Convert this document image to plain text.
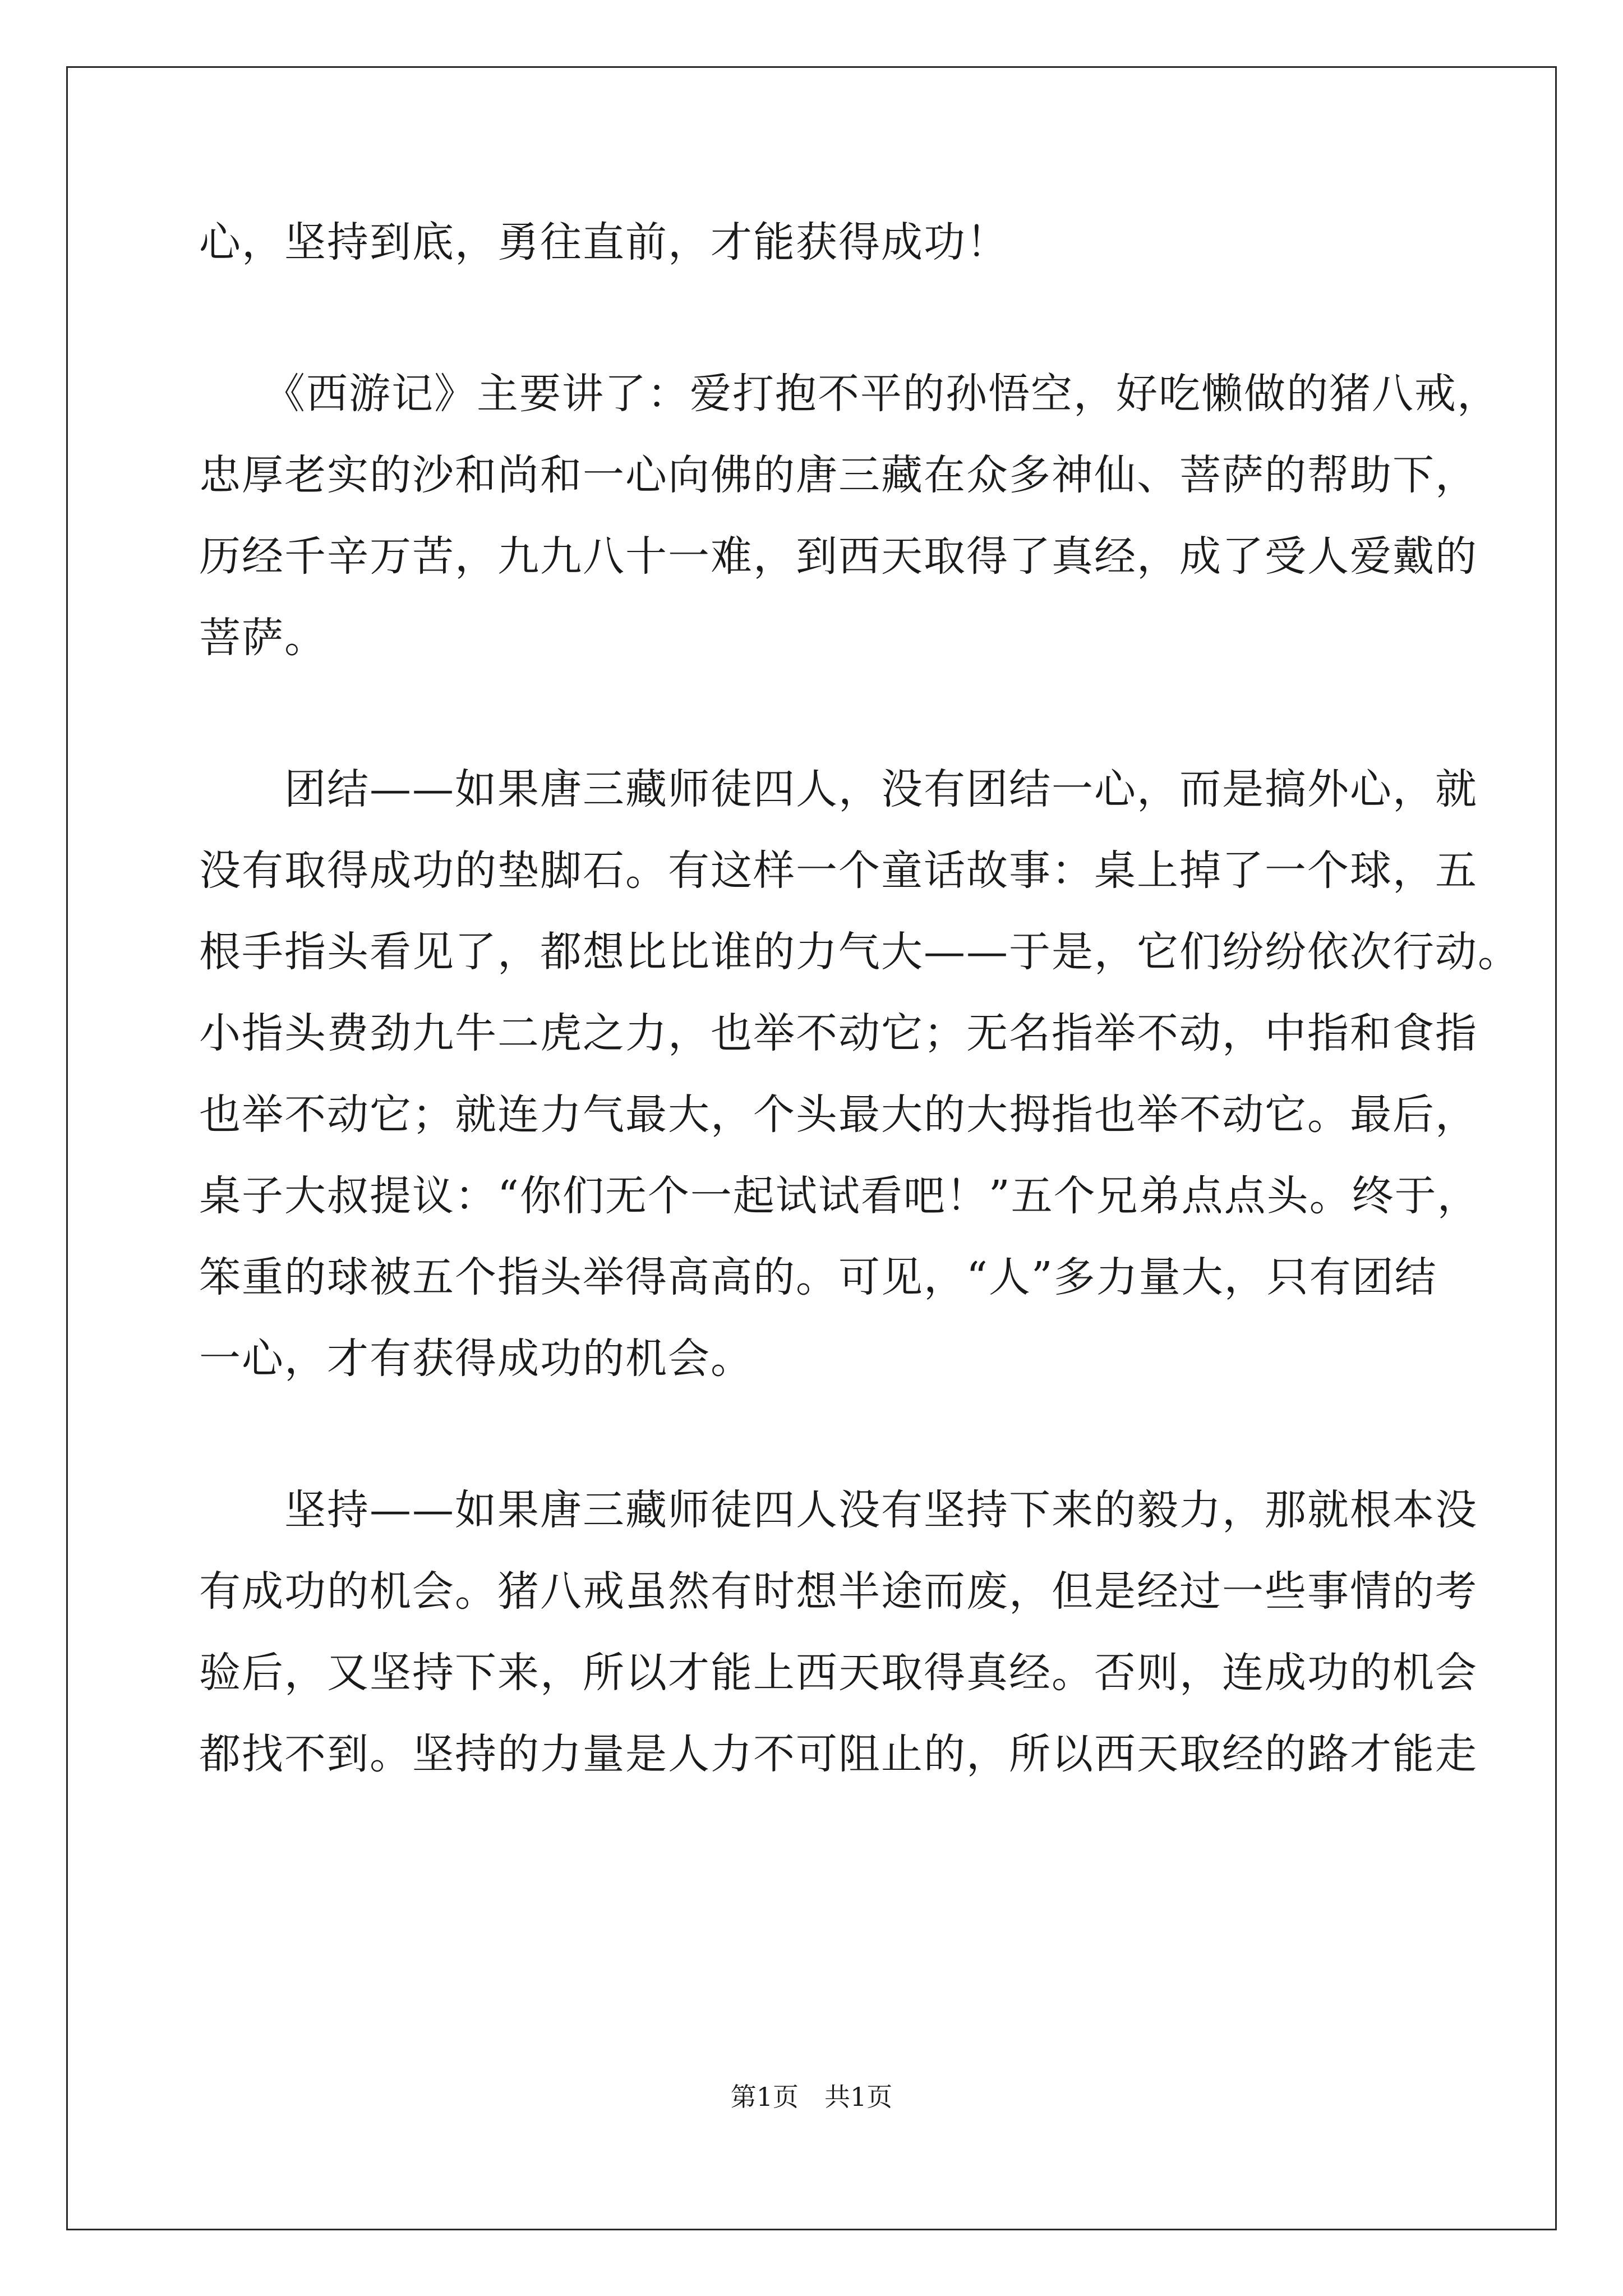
心，坚持到底，勇往直前，才能获得成功！
　　《西游记》主要讲了：爱打抱不平的孙悟空，好吃懒做的猪八戒，
忠厚老实的沙和尚和一心向佛的唐三藏在众多神仙、菩萨的帮助下，
历经千辛万苦，九九八十一难，到西天取得了真经，成了受人爱戴的
菩萨。
　　团结——如果唐三藏师徒四人，没有团结一心，而是搞外心，就
没有取得成功的垫脚石。有这样一个童话故事：桌上掉了一个球，五
根手指头看见了，都想比比谁的力气大——于是，它们纷纷依次行动。
小指头费劲九牛二虎之力，也举不动它；无名指举不动，中指和食指
也举不动它；就连力气最大，个头最大的大拇指也举不动它。最后，
桌子大叔提议：“你们无个一起试试看吧！”五个兄弟点点头。终于，
笨重的球被五个指头举得高高的。可见，“人”多力量大，只有团结
一心，才有获得成功的机会。
　　坚持——如果唐三藏师徒四人没有坚持下来的毅力，那就根本没
有成功的机会。猪八戒虽然有时想半途而废，但是经过一些事情的考
验后，又坚持下来，所以才能上西天取得真经。否则，连成功的机会
都找不到。坚持的力量是人力不可阻止的，所以西天取经的路才能走
第1页　共1页
